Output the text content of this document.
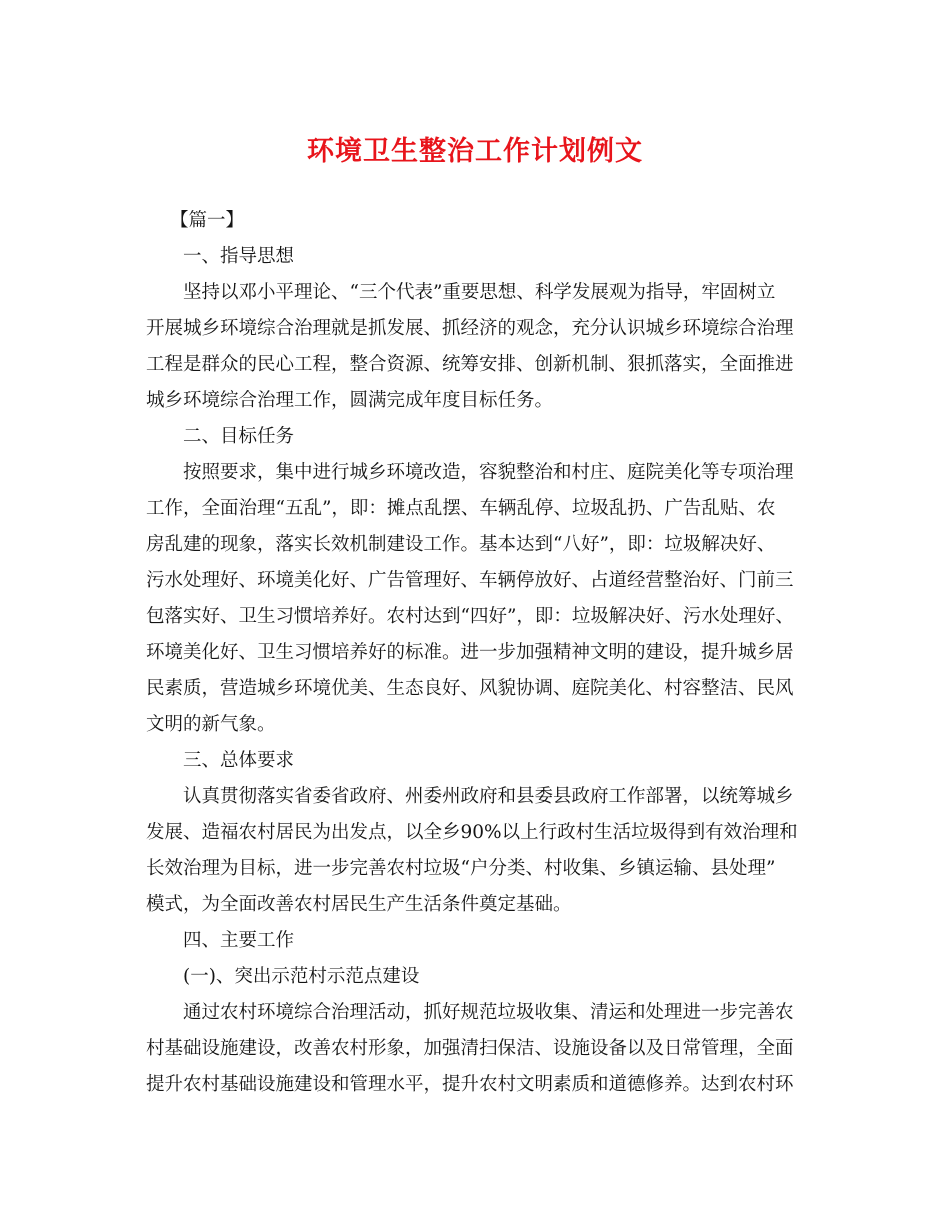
环境卫生整治工作计划例文
【篇一】
一、指导思想
坚持以邓小平理论、“三个代表”重要思想、科学发展观为指导，牢固树立
开展城乡环境综合治理就是抓发展、抓经济的观念，充分认识城乡环境综合治理
工程是群众的民心工程，整合资源、统筹安排、创新机制、狠抓落实，全面推进
城乡环境综合治理工作，圆满完成年度目标任务。
二、目标任务
按照要求，集中进行城乡环境改造，容貌整治和村庄、庭院美化等专项治理
工作，全面治理“五乱”，即：摊点乱摆、车辆乱停、垃圾乱扔、广告乱贴、农
房乱建的现象，落实长效机制建设工作。基本达到“八好”，即：垃圾解决好、
污水处理好、环境美化好、广告管理好、车辆停放好、占道经营整治好、门前三
包落实好、卫生习惯培养好。农村达到“四好”，即：垃圾解决好、污水处理好、
环境美化好、卫生习惯培养好的标准。进一步加强精神文明的建设，提升城乡居
民素质，营造城乡环境优美、生态良好、风貌协调、庭院美化、村容整洁、民风
文明的新气象。
三、总体要求
认真贯彻落实省委省政府、州委州政府和县委县政府工作部署，以统筹城乡
发展、造福农村居民为出发点，以全乡90%以上行政村生活垃圾得到有效治理和
长效治理为目标，进一步完善农村垃圾“户分类、村收集、乡镇运输、县处理”
模式，为全面改善农村居民生产生活条件奠定基础。
四、主要工作
(一)、突出示范村示范点建设
通过农村环境综合治理活动，抓好规范垃圾收集、清运和处理进一步完善农
村基础设施建设，改善农村形象，加强清扫保洁、设施设备以及日常管理，全面
提升农村基础设施建设和管理水平，提升农村文明素质和道德修养。达到农村环
